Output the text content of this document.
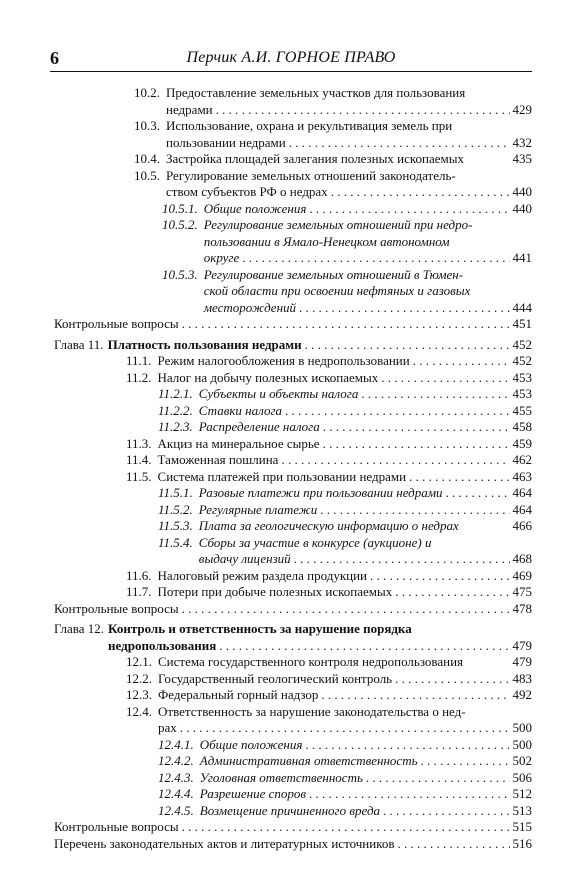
6	Перчик А.И. ГОРНОЕ ПРАВО
10.2. Предоставление земельных участков для пользования
недрами . . .	429
10.3. Использование, охрана и рекультивация земель при
пользовании недрами . . .	432
10.4. Застройка площадей залегания полезных ископаемых	435
10.5. Регулирование земельных отношений законодатель-
ством субъектов РФ о недрах . . .	440
10.5.1. Общие положения . . .	440
10.5.2. Регулирование земельных отношений при недро-
пользовании в Ямало-Ненецком автономном
округе . . .	441
10.5.3. Регулирование земельных отношений в Тюмен-
ской области при освоении нефтяных и газовых
месторождений . . .	444
Контрольные вопросы . . .	451
Глава 11. Платность пользования недрами . . .	452
11.1. Режим налогообложения в недропользовании . . .	452
11.2. Налог на добычу полезных ископаемых . . .	453
11.2.1. Субъекты и объекты налога . . .	453
11.2.2. Ставки налога . . .	455
11.2.3. Распределение налога . . .	458
11.3. Акциз на минеральное сырье . . .	459
11.4. Таможенная пошлина . . .	462
11.5. Система платежей при пользовании недрами . . .	463
11.5.1. Разовые платежи при пользовании недрами . . .	464
11.5.2. Регулярные платежи . . .	464
11.5.3. Плата за геологическую информацию о недрах	466
11.5.4. Сборы за участие в конкурсе (аукционе) и
выдачу лицензий . . .	468
11.6. Налоговый режим раздела продукции . . .	469
11.7. Потери при добыче полезных ископаемых . . .	475
Контрольные вопросы . . .	478
Глава 12. Контроль и ответственность за нарушение порядка
недропользования . . .	479
12.1. Система государственного контроля недропользования	479
12.2. Государственный геологический контроль . . .	483
12.3. Федеральный горный надзор . . .	492
12.4. Ответственность за нарушение законодательства о нед-
рах . . .	500
12.4.1. Общие положения . . .	500
12.4.2. Административная ответственность . . .	502
12.4.3. Уголовная ответственность . . .	506
12.4.4. Разрешение споров . . .	512
12.4.5. Возмещение причиненного вреда . . .	513
Контрольные вопросы . . .	515
Перечень законодательных актов и литературных источников . . .	516
